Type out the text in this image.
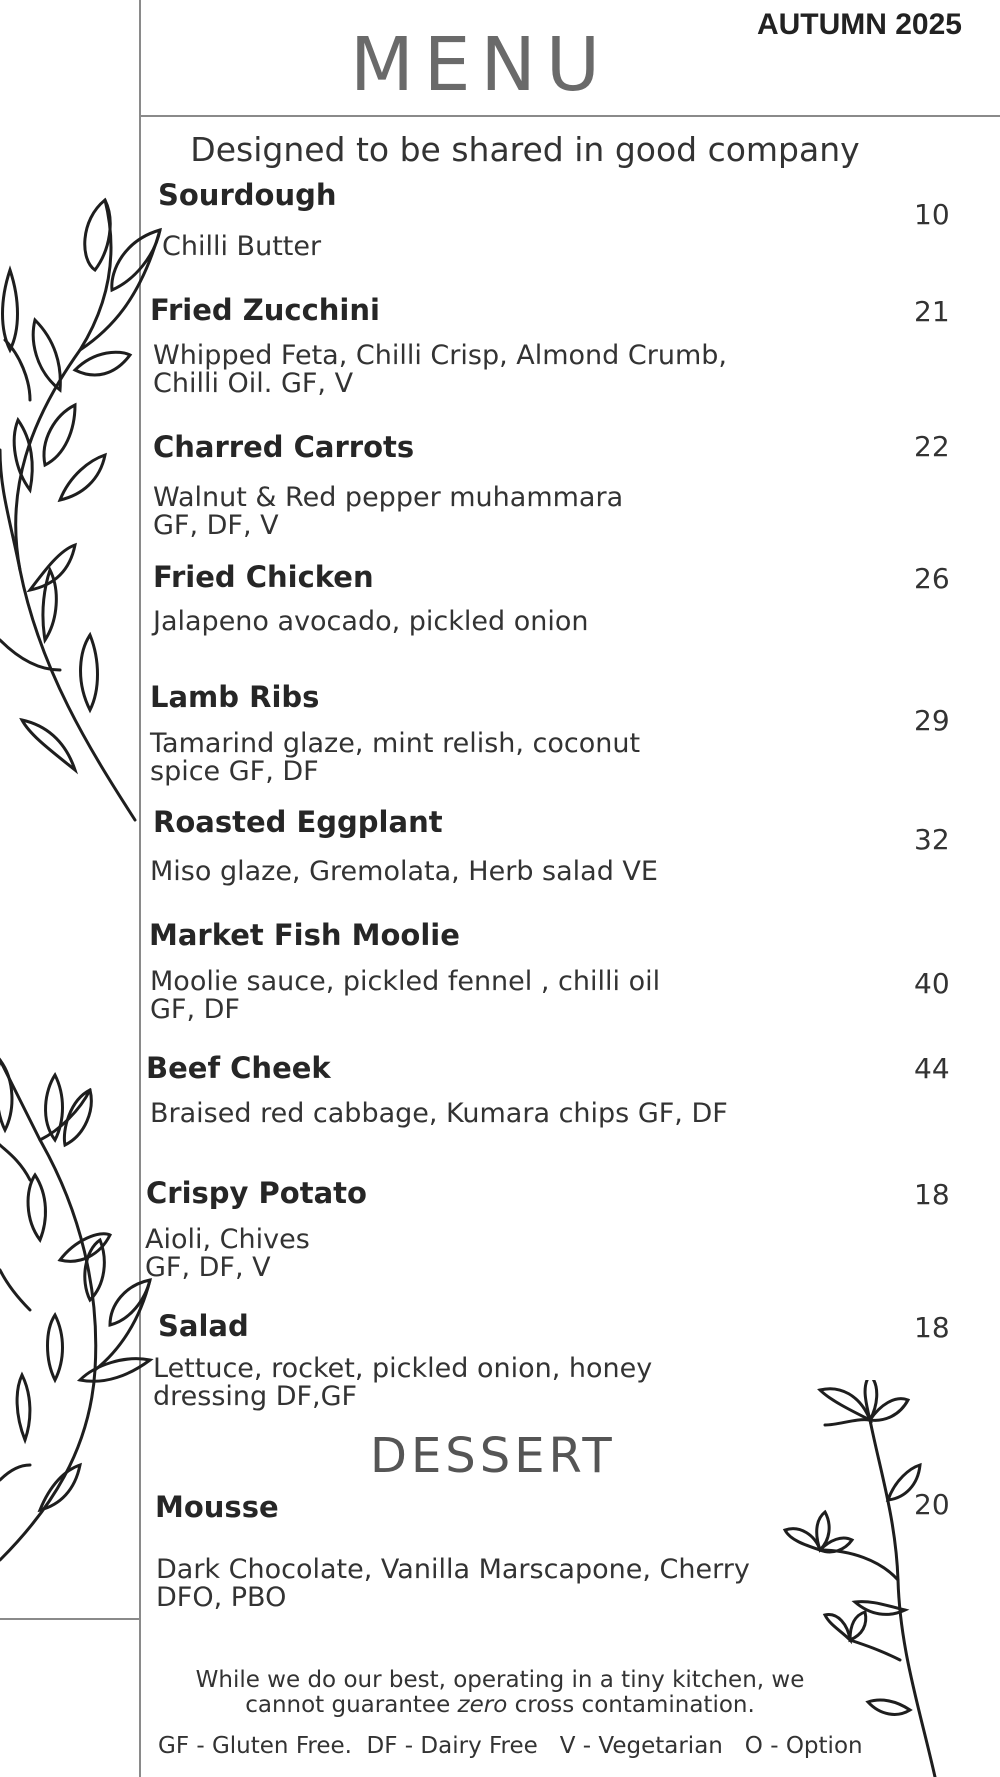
MENU	AUTUMN 2025
Designed to be shared in good company
Sourdough
Chilli Butter
10
Fried Zucchini
Whipped Feta, Chilli Crisp, Almond Crumb,
Chilli Oil. GF, V
21
Charred Carrots
Walnut & Red pepper muhammara
GF, DF, V
22
Fried Chicken
Jalapeno avocado, pickled onion
26
Lamb Ribs
Tamarind glaze, mint relish, coconut
spice GF, DF
29
Roasted Eggplant
Miso glaze, Gremolata, Herb salad VE
32
Market Fish Moolie
Moolie sauce, pickled fennel , chilli oil
GF, DF
40
Beef Cheek
Braised red cabbage, Kumara chips GF, DF
44
Crispy Potato
Aioli, Chives
GF, DF, V
18
Salad
Lettuce, rocket, pickled onion, honey
dressing DF,GF
18
DESSERT
Mousse
Dark Chocolate, Vanilla Marscapone, Cherry
DFO, PBO
20
While we do our best, operating in a tiny kitchen, we
cannot guarantee zero cross contamination.
GF - Gluten Free.  DF - Dairy Free   V - Vegetarian   O - Option
